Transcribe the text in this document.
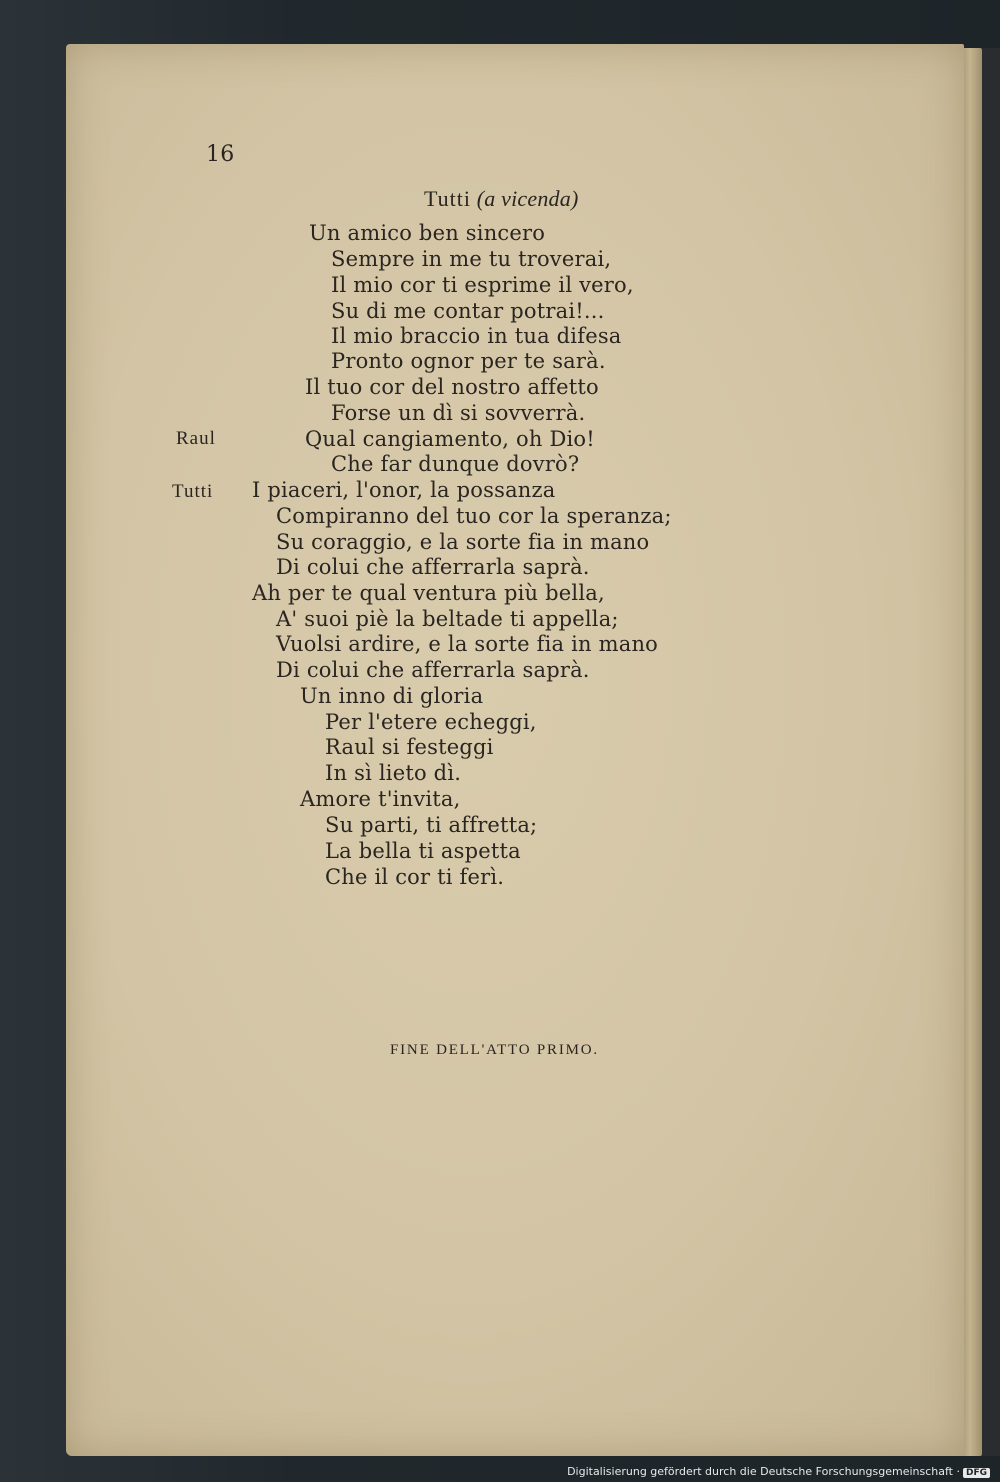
16
Tutti (a vicenda)
Un amico ben sincero
Sempre in me tu troverai,
Il mio cor ti esprime il vero,
Su di me contar potrai!...
Il mio braccio in tua difesa
Pronto ognor per te sarà.
Il tuo cor del nostro affetto
Forse un dì si sovverrà.
Raul	Qual cangiamento, oh Dio!
Che far dunque dovrò?
Tutti I piaceri, l'onor, la possanza
Compiranno del tuo cor la speranza;
Su coraggio, e la sorte fia in mano
Di colui che afferrarla saprà.
Ah per te qual ventura più bella,
A' suoi piè la beltade ti appella;
Vuolsi ardire, e la sorte fia in mano
Di colui che afferrarla saprà.
Un inno di gloria
Per l'etere echeggi,
Raul si festeggi
In sì lieto dì.
Amore t'invita,
Su parti, ti affretta;
La bella ti aspetta
Che il cor ti ferì.
FINE DELL'ATTO PRIMO.
Digitalisierung gefördert durch die Deutsche Forschungsgemeinschaft · DFG
